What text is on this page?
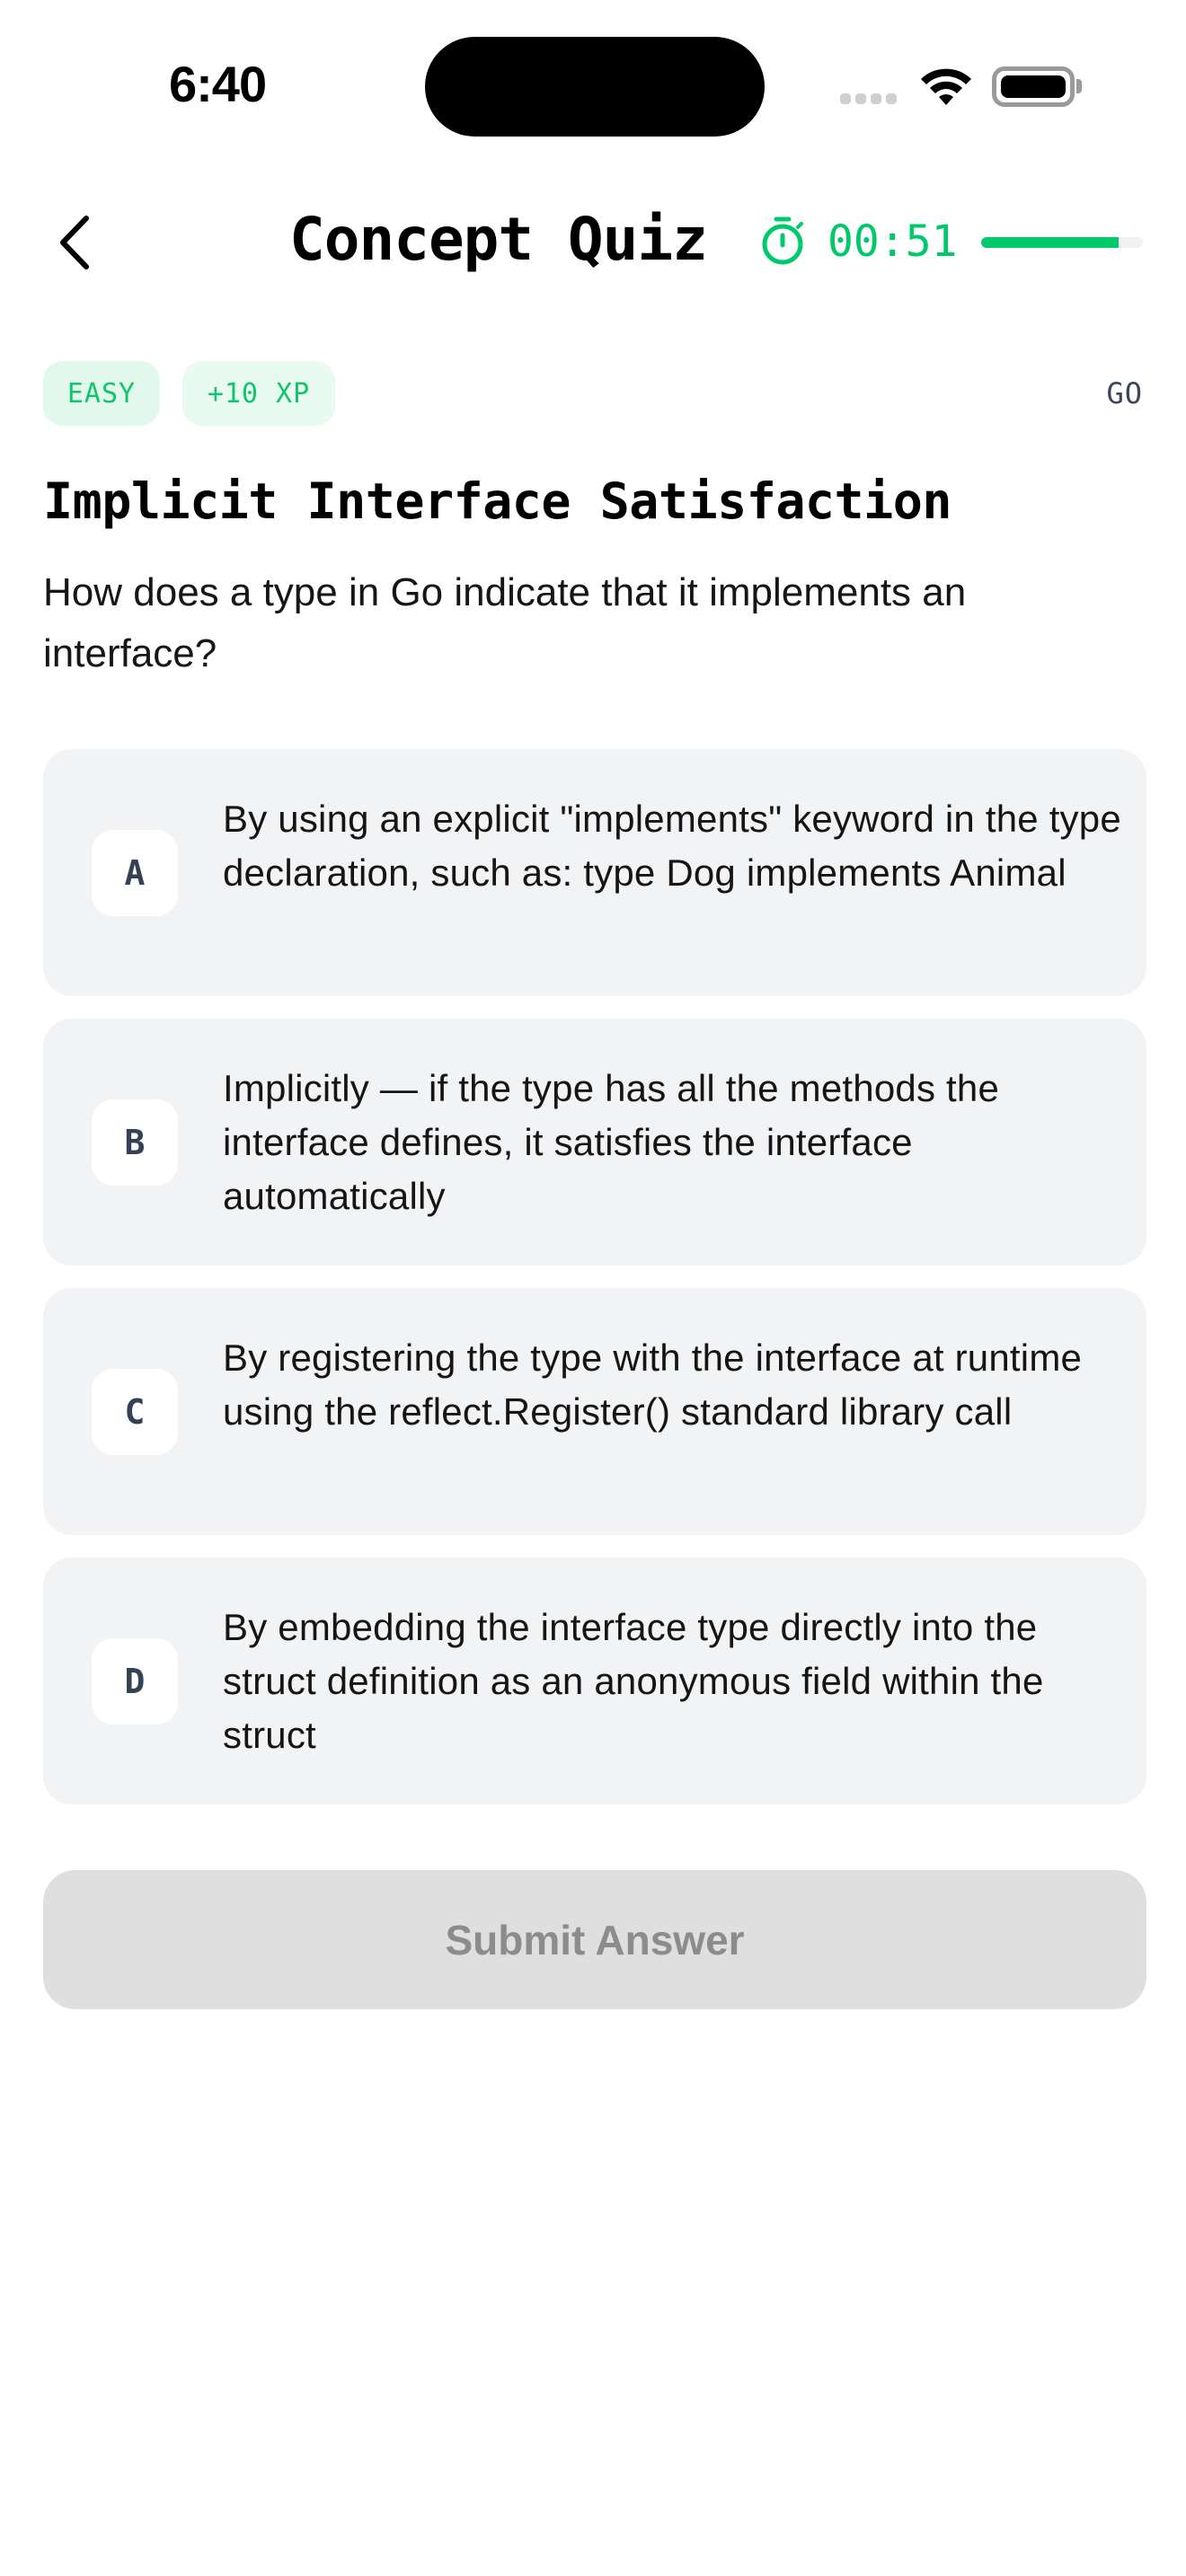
6:40
Concept Quiz	00:51
EASY	+10 XP	GO
Implicit Interface Satisfaction
How does a type in Go indicate that it implements an interface?
A
By using an explicit "implements" keyword in the type declaration, such as: type Dog implements Animal
B
Implicitly — if the type has all the methods the interface defines, it satisfies the interface automatically
C
By registering the type with the interface at runtime using the reflect.Register() standard library call
D
By embedding the interface type directly into the struct definition as an anonymous field within the struct
Submit Answer
